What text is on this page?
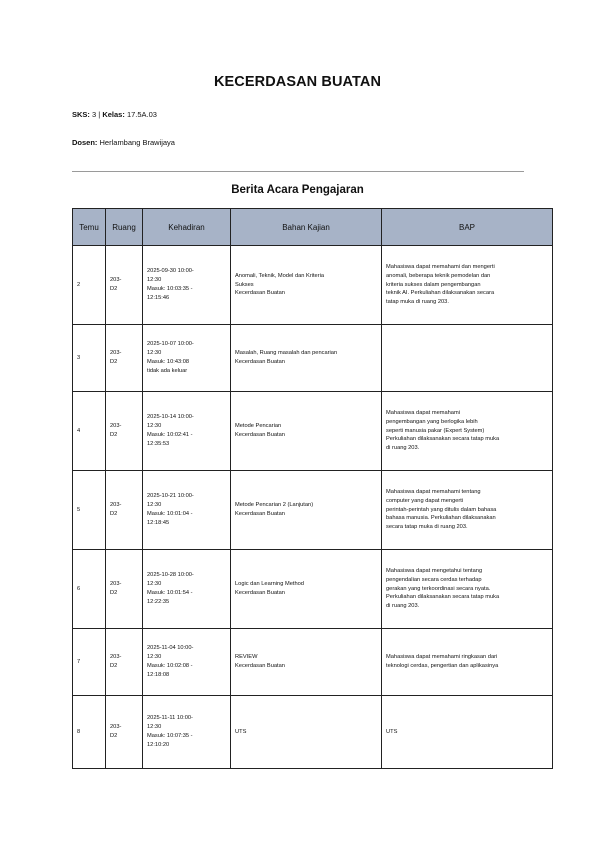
KECERDASAN BUATAN
SKS: 3 | Kelas: 17.5A.03
Dosen: Herlambang Brawijaya
Berita Acara Pengajaran
Temu	Ruang	Kehadiran	Bahan Kajian	BAP
2	203-
D2	2025-09-30 10:00-
12:30
Masuk: 10:03:35 -
12:15:46	Anomali, Teknik, Model dan Kriteria
Sukses
Kecerdasan Buatan	Mahasiswa dapat memahami dan mengerti
anomali, beberapa teknik pemodelan dan
kriteria sukses dalam pengembangan
teknik AI. Perkuliahan dilaksanakan secara
tatap muka di ruang 203.

3	203-
D2	2025-10-07 10:00-
12:30
Masuk: 10:43:08
tidak ada keluar	Masalah, Ruang masalah dan pencarian
Kecerdasan Buatan	

4	203-
D2	2025-10-14 10:00-
12:30
Masuk: 10:02:41 -
12:35:53	Metode Pencarian
Kecerdasan Buatan	Mahasiswa dapat memahami
pengembangan yang berlogika lebih
seperti manusia pakar (Expert System)
Perkuliahan dilaksanakan secara tatap muka
di ruang 203.

5	203-
D2	2025-10-21 10:00-
12:30
Masuk: 10:01:04 -
12:18:45	Metode Pencarian 2 (Lanjutan)
Kecerdasan Buatan	Mahasiswa dapat memahami tentang
computer yang dapat mengerti
perintah-perintah yang ditulis dalam bahasa
bahasa manusia. Perkuliahan dilaksanakan
secara tatap muka di ruang 203.

6	203-
D2	2025-10-28 10:00-
12:30
Masuk: 10:01:54 -
12:22:35	Logic dan Learning Method
Kecerdasan Buatan	Mahasiswa dapat mengetahui tentang
pengendalian secara cerdas terhadap
gerakan yang terkoordinasi secara nyata.
Perkuliahan dilaksanakan secara tatap muka
di ruang 203.

7	203-
D2	2025-11-04 10:00-
12:30
Masuk: 10:02:08 -
12:18:08	REVIEW
Kecerdasan Buatan	Mahasiswa dapat memahami ringkasan dari
teknologi cerdas, pengertian dan aplikasinya

8	203-
D2	2025-11-11 10:00-
12:30
Masuk: 10:07:35 -
12:10:20	UTS	UTS
